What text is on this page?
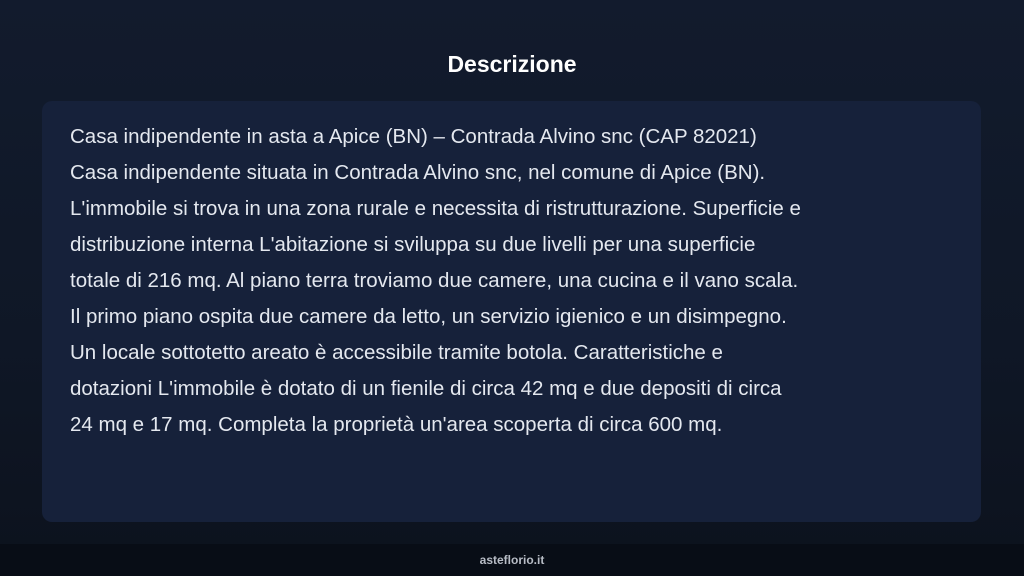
Descrizione
Casa indipendente in asta a Apice (BN) – Contrada Alvino snc (CAP 82021)
Casa indipendente situata in Contrada Alvino snc, nel comune di Apice (BN).
L'immobile si trova in una zona rurale e necessita di ristrutturazione. Superficie e
distribuzione interna L'abitazione si sviluppa su due livelli per una superficie
totale di 216 mq. Al piano terra troviamo due camere, una cucina e il vano scala.
Il primo piano ospita due camere da letto, un servizio igienico e un disimpegno.
Un locale sottotetto areato è accessibile tramite botola. Caratteristiche e
dotazioni L'immobile è dotato di un fienile di circa 42 mq e due depositi di circa
24 mq e 17 mq. Completa la proprietà un'area scoperta di circa 600 mq.
asteflorio.it
